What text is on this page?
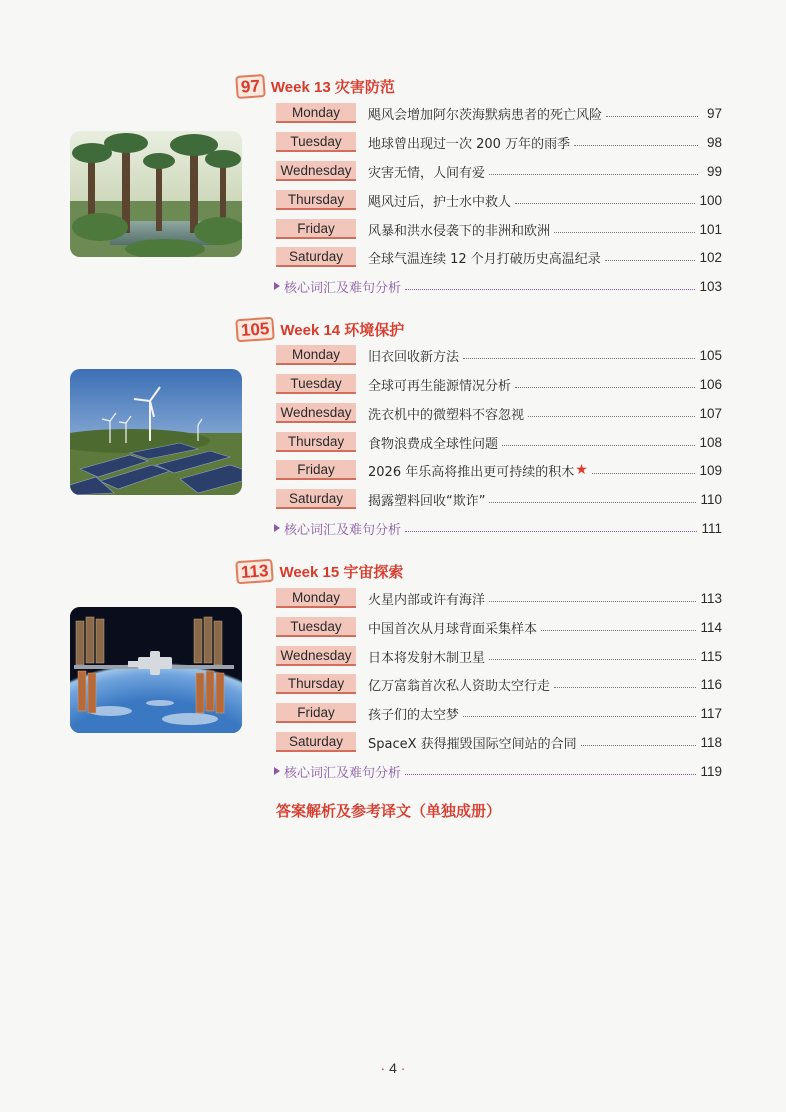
97 Week 13 灾害防范
Monday	飓风会增加阿尔茨海默病患者的死亡风险	97
Tuesday	地球曾出现过一次 200 万年的雨季	98
Wednesday	灾害无情，人间有爱	99
Thursday	飓风过后，护士水中救人	100
Friday	风暴和洪水侵袭下的非洲和欧洲	101
Saturday	全球气温连续 12 个月打破历史高温纪录	102
核心词汇及难句分析	103
105 Week 14 环境保护
Monday	旧衣回收新方法	105
Tuesday	全球可再生能源情况分析	106
Wednesday	洗衣机中的微塑料不容忽视	107
Thursday	食物浪费成全球性问题	108
Friday	2026 年乐高将推出更可持续的积木 ★	109
Saturday	揭露塑料回收“欺诈”	110
核心词汇及难句分析	111
113 Week 15 宇宙探索
Monday	火星内部或许有海洋	113
Tuesday	中国首次从月球背面采集样本	114
Wednesday	日本将发射木制卫星	115
Thursday	亿万富翁首次私人资助太空行走	116
Friday	孩子们的太空梦	117
Saturday	SpaceX 获得摧毁国际空间站的合同	118
核心词汇及难句分析	119
答案解析及参考译文（单独成册）
· 4 ·
